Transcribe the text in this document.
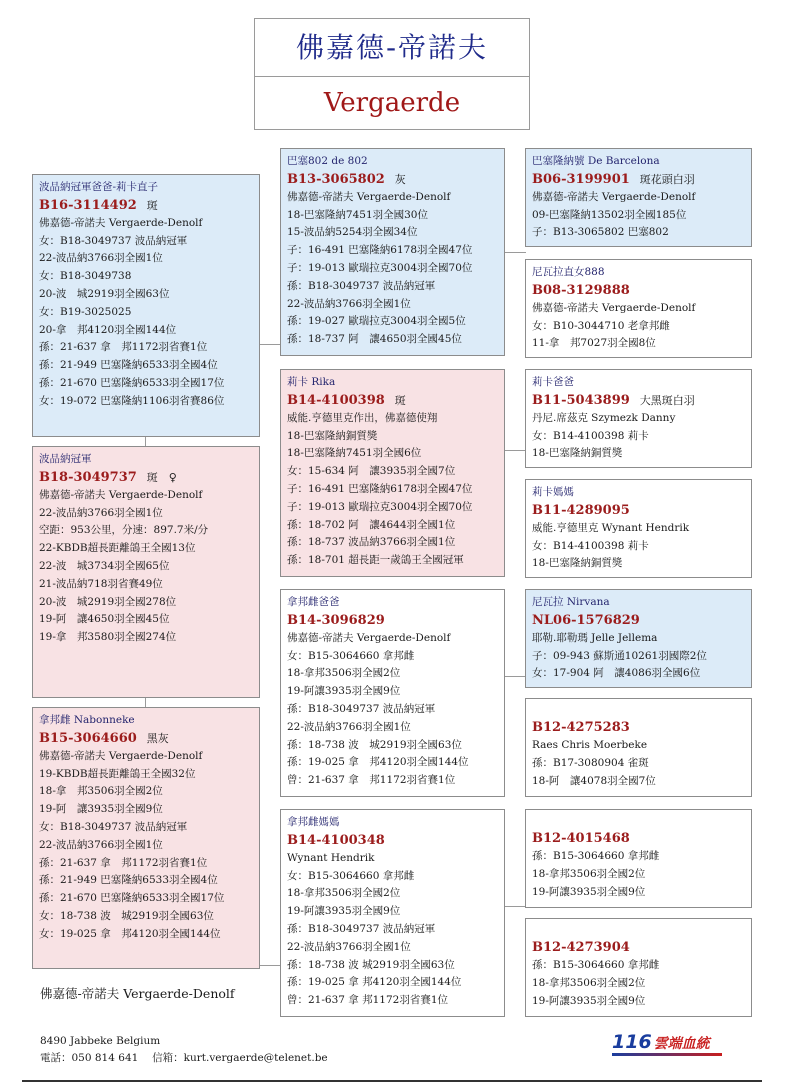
佛嘉德-帝諾夫
Vergaerde
波品納冠軍爸爸-莉卡直子
B16-3114492 斑
佛嘉德-帝諾夫 Vergaerde-Denolf
女：B18-3049737 波品納冠軍
22-波品納3766羽全國1位
女：B18-3049738
20-波　城2919羽全國63位
女：B19-3025025
20-拿　邦4120羽全國144位
孫：21-637 拿　邦1172羽省賽1位
孫：21-949 巴塞隆納6533羽全國4位
孫：21-670 巴塞隆納6533羽全國17位
女：19-072 巴塞隆納1106羽省賽86位
波品納冠軍
B18-3049737 斑　♀
佛嘉德-帝諾夫 Vergaerde-Denolf
22-波品納3766羽全國1位
空距：953公里，分速：897.7米/分
22-KBDB超長距離鴿王全國13位
22-波　城3734羽全國65位
21-波品納718羽省賽49位
20-波　城2919羽全國278位
19-阿　讓4650羽全國45位
19-拿　邦3580羽全國274位
拿邦雌 Nabonneke
B15-3064660 黑灰
佛嘉德-帝諾夫 Vergaerde-Denolf
19-KBDB超長距離鴿王全國32位
18-拿　邦3506羽全國2位
19-阿　讓3935羽全國9位
女：B18-3049737 波品納冠軍
22-波品納3766羽全國1位
孫：21-637 拿　邦1172羽省賽1位
孫：21-949 巴塞隆納6533羽全國4位
孫：21-670 巴塞隆納6533羽全國17位
女：18-738 波　城2919羽全國63位
女：19-025 拿　邦4120羽全國144位
巴塞802 de 802
B13-3065802 灰
佛嘉德-帝諾夫 Vergaerde-Denolf
18-巴塞隆納7451羽全國30位
15-波品納5254羽全國34位
子：16-491 巴塞隆納6178羽全國47位
子：19-013 歐瑞拉克3004羽全國70位
孫：B18-3049737 波品納冠軍
22-波品納3766羽全國1位
孫：19-027 歐瑞拉克3004羽全國5位
孫：18-737 阿　讓4650羽全國45位
莉卡 Rika
B14-4100398 斑
威能.亨德里克作出，佛嘉德使翔
18-巴塞隆納銅質獎
18-巴塞隆納7451羽全國6位
女：15-634 阿　讓3935羽全國7位
子：16-491 巴塞隆納6178羽全國47位
子：19-013 歐瑞拉克3004羽全國70位
孫：18-702 阿　讓4644羽全國1位
孫：18-737 波品納3766羽全國1位
孫：18-701 超長距一歲鴿王全國冠軍
拿邦雌爸爸
B14-3096829
佛嘉德-帝諾夫 Vergaerde-Denolf
女：B15-3064660 拿邦雌
18-拿邦3506羽全國2位
19-阿讓3935羽全國9位
孫：B18-3049737 波品納冠軍
22-波品納3766羽全國1位
孫：18-738 波　城2919羽全國63位
孫：19-025 拿　邦4120羽全國144位
曾：21-637 拿　邦1172羽省賽1位
拿邦雌媽媽
B14-4100348
Wynant Hendrik
女：B15-3064660 拿邦雌
18-拿邦3506羽全國2位
19-阿讓3935羽全國9位
孫：B18-3049737 波品納冠軍
22-波品納3766羽全國1位
孫：18-738 波 城2919羽全國63位
孫：19-025 拿 邦4120羽全國144位
曾：21-637 拿 邦1172羽省賽1位
巴塞隆納號 De Barcelona
B06-3199901 斑花頭白羽
佛嘉德-帝諾夫 Vergaerde-Denolf
09-巴塞隆納13502羽全國185位
子：B13-3065802 巴塞802
尼瓦拉直女888
B08-3129888
佛嘉德-帝諾夫 Vergaerde-Denolf
女：B10-3044710 老拿邦雌
11-拿　邦7027羽全國8位
莉卡爸爸
B11-5043899 大黑斑白羽
丹尼.席茲克 Szymezk Danny
女：B14-4100398 莉卡
18-巴塞隆納銅質獎
莉卡媽媽
B11-4289095
威能.亨德里克 Wynant Hendrik
女：B14-4100398 莉卡
18-巴塞隆納銅質獎
尼瓦拉 Nirvana
NL06-1576829
耶勒.耶勒瑪 Jelle Jellema
子：09-943 蘇斯通10261羽國際2位
女：17-904 阿　讓4086羽全國6位
B12-4275283
Raes Chris Moerbeke
孫：B17-3080904 雀斑
18-阿　讓4078羽全國7位
B12-4015468
孫：B15-3064660 拿邦雌
18-拿邦3506羽全國2位
19-阿讓3935羽全國9位
B12-4273904
孫：B15-3064660 拿邦雌
18-拿邦3506羽全國2位
19-阿讓3935羽全國9位
佛嘉德-帝諾夫 Vergaerde-Denolf
8490 Jabbeke Belgium
電話：050 814 641　 信箱：kurt.vergaerde@telenet.be
116 雲端血統
